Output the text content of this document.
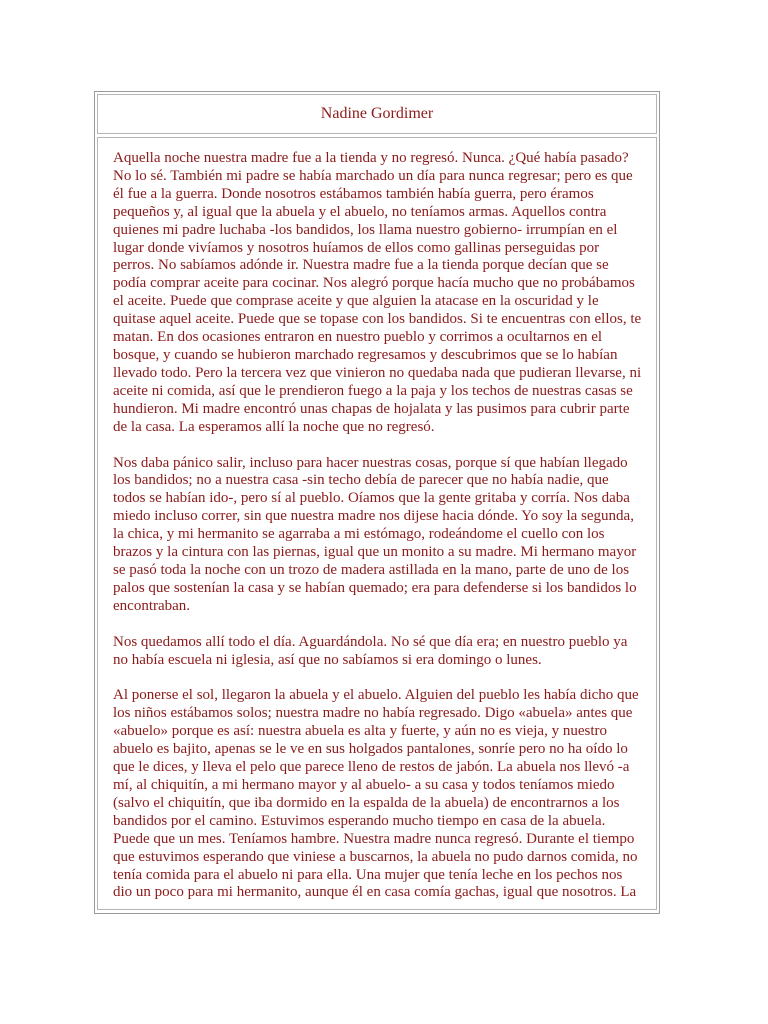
Nadine Gordimer

Aquella noche nuestra madre fue a la tienda y no regresó. Nunca. ¿Qué había pasado? No lo sé. También mi padre se había marchado un día para nunca regresar; pero es que él fue a la guerra. Donde nosotros estábamos también había guerra, pero éramos pequeños y, al igual que la abuela y el abuelo, no teníamos armas. Aquellos contra quienes mi padre luchaba -los bandidos, los llama nuestro gobierno- irrumpían en el lugar donde vivíamos y nosotros huíamos de ellos como gallinas perseguidas por perros. No sabíamos adónde ir. Nuestra madre fue a la tienda porque decían que se podía comprar aceite para cocinar. Nos alegró porque hacía mucho que no probábamos el aceite. Puede que comprase aceite y que alguien la atacase en la oscuridad y le quitase aquel aceite. Puede que se topase con los bandidos. Si te encuentras con ellos, te matan. En dos ocasiones entraron en nuestro pueblo y corrimos a ocultarnos en el bosque, y cuando se hubieron marchado regresamos y descubrimos que se lo habían llevado todo. Pero la tercera vez que vinieron no quedaba nada que pudieran llevarse, ni aceite ni comida, así que le prendieron fuego a la paja y los techos de nuestras casas se hundieron. Mi madre encontró unas chapas de hojalata y las pusimos para cubrir parte de la casa. La esperamos allí la noche que no regresó.

Nos daba pánico salir, incluso para hacer nuestras cosas, porque sí que habían llegado los bandidos; no a nuestra casa -sin techo debía de parecer que no había nadie, que todos se habían ido-, pero sí al pueblo. Oíamos que la gente gritaba y corría. Nos daba miedo incluso correr, sin que nuestra madre nos dijese hacia dónde. Yo soy la segunda, la chica, y mi hermanito se agarraba a mi estómago, rodeándome el cuello con los brazos y la cintura con las piernas, igual que un monito a su madre. Mi hermano mayor se pasó toda la noche con un trozo de madera astillada en la mano, parte de uno de los palos que sostenían la casa y se habían quemado; era para defenderse si los bandidos lo encontraban.

Nos quedamos allí todo el día. Aguardándola. No sé que día era; en nuestro pueblo ya no había escuela ni iglesia, así que no sabíamos si era domingo o lunes.

Al ponerse el sol, llegaron la abuela y el abuelo. Alguien del pueblo les había dicho que los niños estábamos solos; nuestra madre no había regresado. Digo «abuela» antes que «abuelo» porque es así: nuestra abuela es alta y fuerte, y aún no es vieja, y nuestro abuelo es bajito, apenas se le ve en sus holgados pantalones, sonríe pero no ha oído lo que le dices, y lleva el pelo que parece lleno de restos de jabón. La abuela nos llevó -a mí, al chiquitín, a mi hermano mayor y al abuelo- a su casa y todos teníamos miedo (salvo el chiquitín, que iba dormido en la espalda de la abuela) de encontrarnos a los bandidos por el camino. Estuvimos esperando mucho tiempo en casa de la abuela. Puede que un mes. Teníamos hambre. Nuestra madre nunca regresó. Durante el tiempo que estuvimos esperando que viniese a buscarnos, la abuela no pudo darnos comida, no tenía comida para el abuelo ni para ella. Una mujer que tenía leche en los pechos nos dio un poco para mi hermanito, aunque él en casa comía gachas, igual que nosotros. La
